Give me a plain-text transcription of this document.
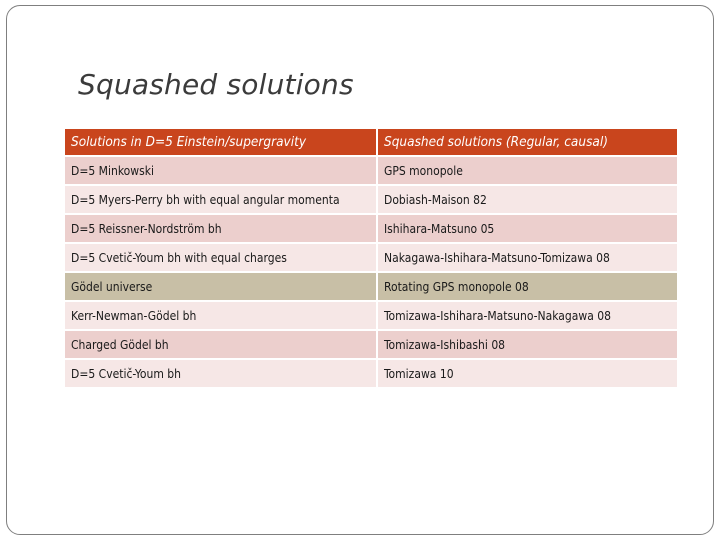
Squashed solutions
Solutions in D=5 Einstein/supergravity	Squashed solutions (Regular, causal)
D=5 Minkowski	GPS monopole
D=5 Myers-Perry bh with equal angular momenta	Dobiash-Maison 82
D=5 Reissner-Nordström bh	Ishihara-Matsuno 05
D=5 Cvetič-Youm bh with equal charges	Nakagawa-Ishihara-Matsuno-Tomizawa 08
Gödel universe	Rotating GPS monopole 08
Kerr-Newman-Gödel bh	Tomizawa-Ishihara-Matsuno-Nakagawa 08
Charged Gödel bh	Tomizawa-Ishibashi 08
D=5 Cvetič-Youm bh	Tomizawa 10
